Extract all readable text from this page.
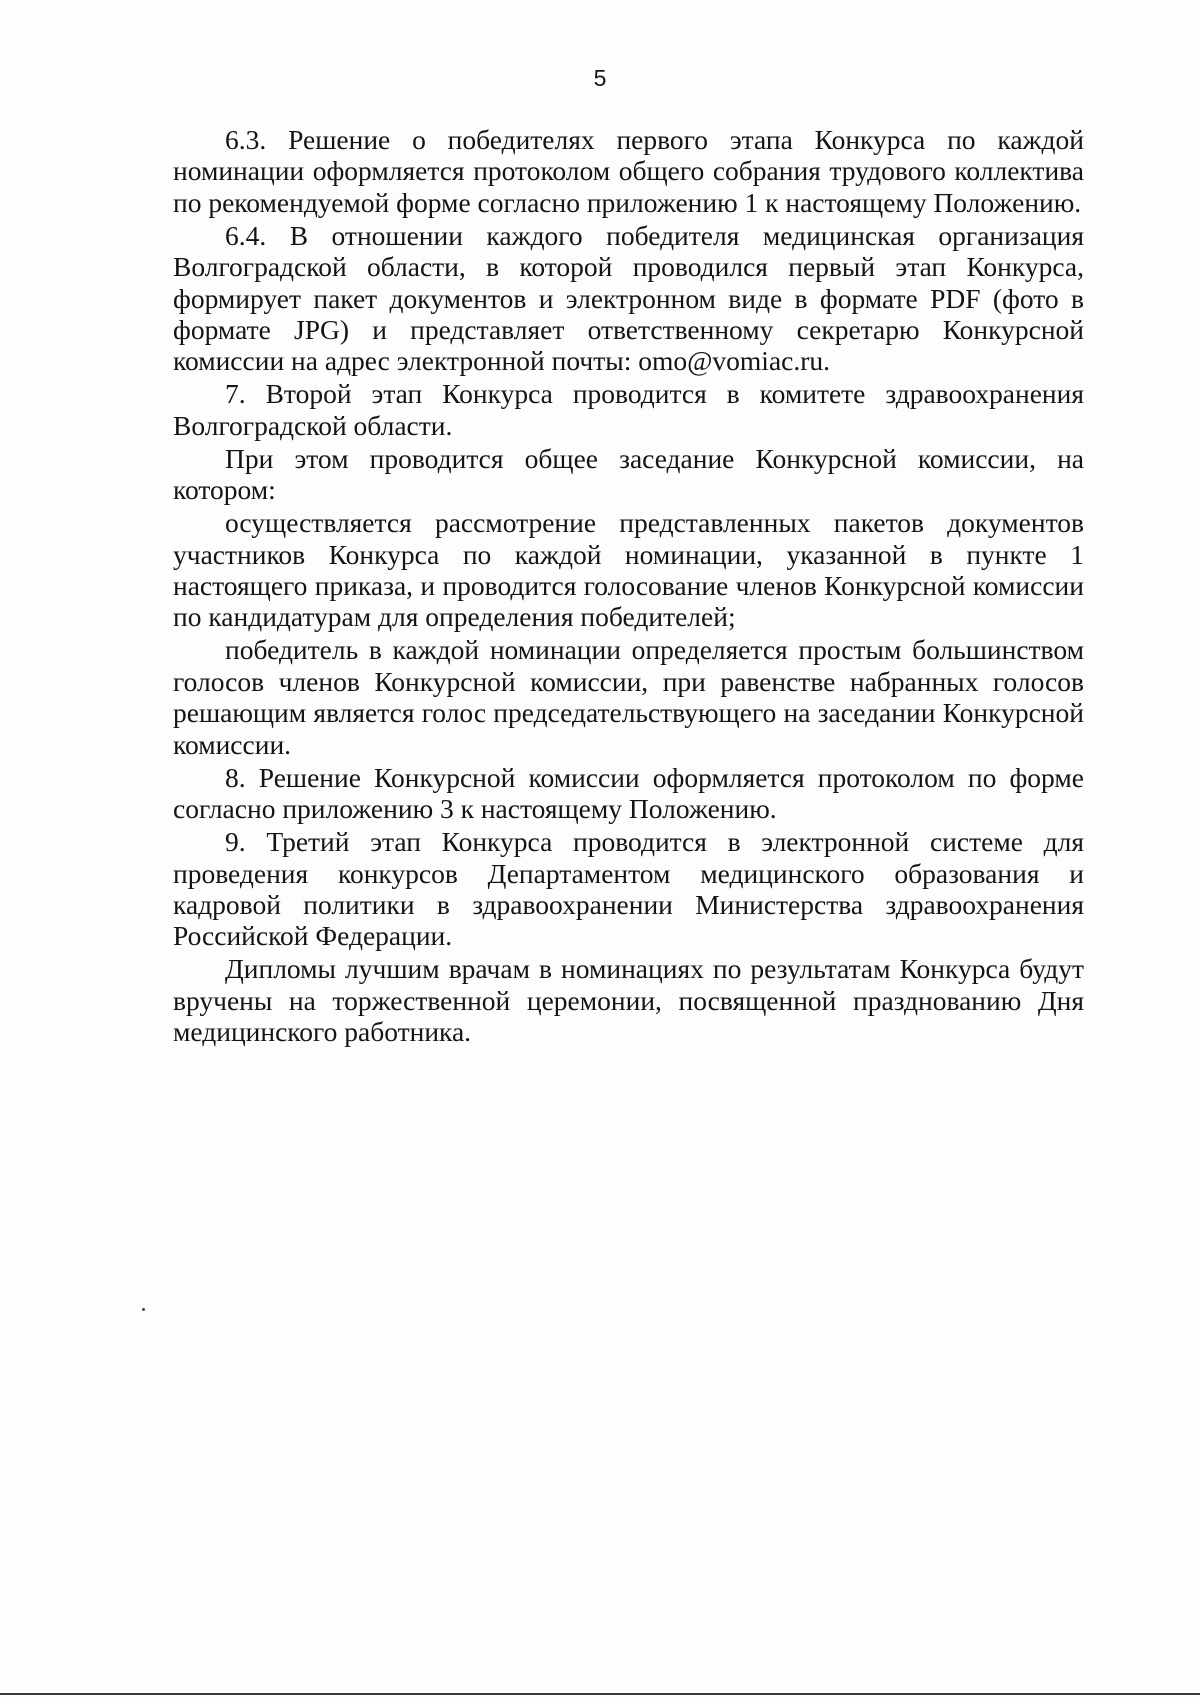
5

6.3. Решение о победителях первого этапа Конкурса по каждой номинации оформляется протоколом общего собрания трудового коллектива по рекомендуемой форме согласно приложению 1 к настоящему Положению.

6.4. В отношении каждого победителя медицинская организация Волгоградской области, в которой проводился первый этап Конкурса, формирует пакет документов и электронном виде в формате PDF (фото в формате JPG) и представляет ответственному секретарю Конкурсной комиссии на адрес электронной почты: omo@vomiac.ru.

7. Второй этап Конкурса проводится в комитете здравоохранения Волгоградской области.

При этом проводится общее заседание Конкурсной комиссии, на котором:

осуществляется рассмотрение представленных пакетов документов участников Конкурса по каждой номинации, указанной в пункте 1 настоящего приказа, и проводится голосование членов Конкурсной комиссии по кандидатурам для определения победителей;

победитель в каждой номинации определяется простым большинством голосов членов Конкурсной комиссии, при равенстве набранных голосов решающим является голос председательствующего на заседании Конкурсной комиссии.

8. Решение Конкурсной комиссии оформляется протоколом по форме согласно приложению 3 к настоящему Положению.

9. Третий этап Конкурса проводится в электронной системе для проведения конкурсов Департаментом медицинского образования и кадровой политики в здравоохранении Министерства здравоохранения Российской Федерации.

Дипломы лучшим врачам в номинациях по результатам Конкурса будут вручены на торжественной церемонии, посвященной празднованию Дня медицинского работника.
